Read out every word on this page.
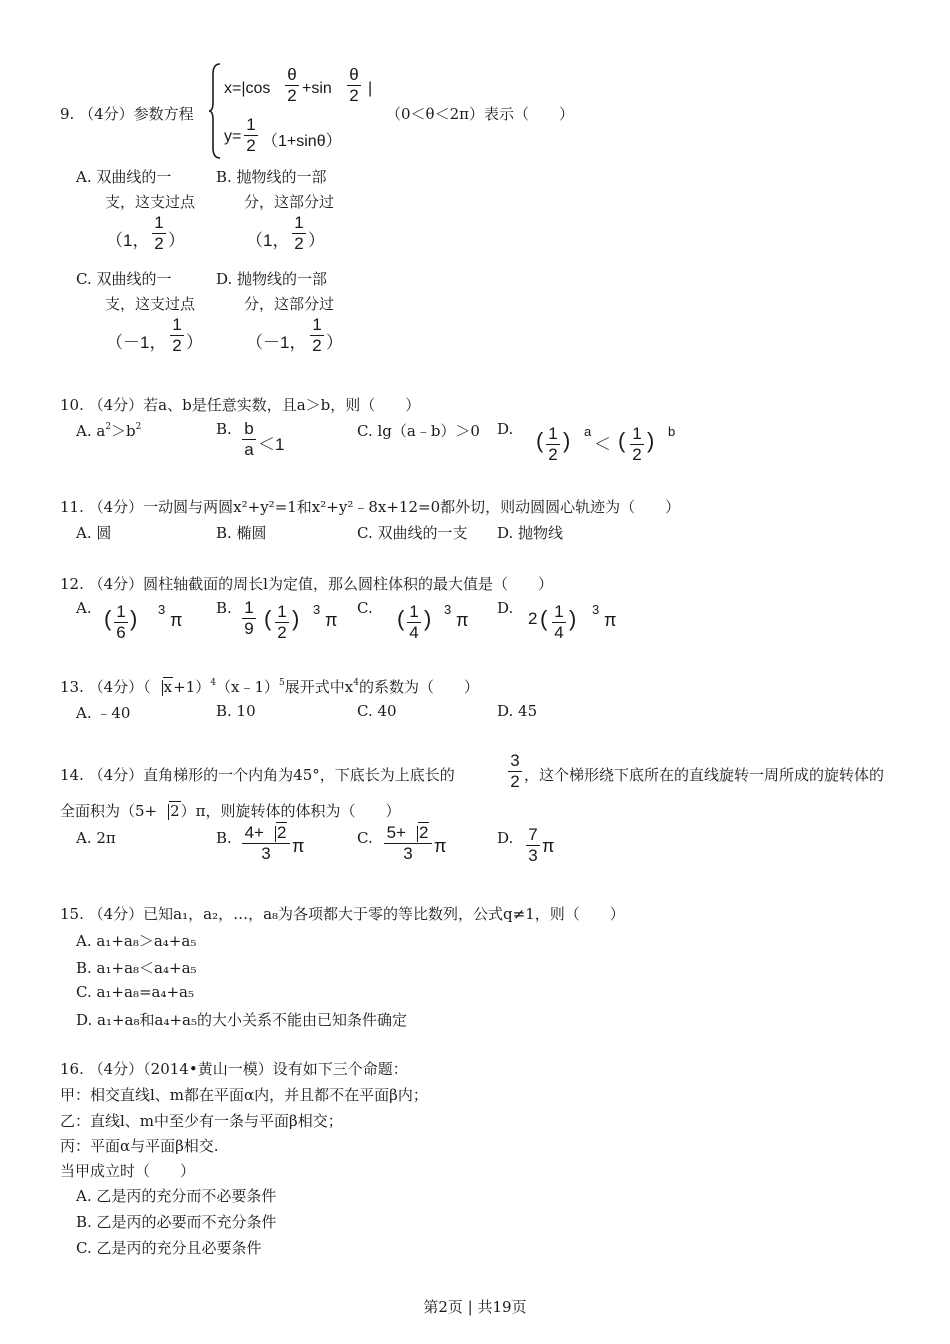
9. （4分）参数方程
x=|cos
θ
2 +sin
θ
2 |
y=
1
2 （1+sinθ）
（0＜θ＜2π）表示（　　）
A. 双曲线的一
支，这支过点
B. 抛物线的一部
分，这部分过
（1，
1
2 ）	（1，
1
2 ）
C. 双曲线的一
支，这支过点
D. 抛物线的一部
分，这部分过
（－1，
1
2 ）	（－1，
1
2 ）
10. （4分）若a、b是任意实数，且a＞b，则（　　）
A. $a^2>b^2$	B. b
a ＜1
C. lg（a﹣b）＞0 D. ( 1
2
) a
＜ ( 1
2
) b
11. （4分）一动圆与两圆x²+y²=1和x²+y²﹣8x+12=0都外切，则动圆圆心轨迹为（　　）
A. 圆	B. 椭圆	C. 双曲线的一支 D. 抛物线
12. （4分）圆柱轴截面的周长l为定值，那么圆柱体积的最大值是（　　）
A. ( 1
6
) 3
π
B. 1
9 ( 1
2
) 3
π
C. ( 1
4
) 3
π
D.
2 ( 1
4
) 3
π
13. （4分）（ x+1）$^4$（x﹣1）$^5$展开式中$x^4$的系数为（　　）
A. ﹣40	B. 10	C. 40	D. 45
14. （4分）直角梯形的一个内角为45°，下底长为上底长的
3
2 ，这个梯形绕下底所在的直线旋转一周所成的旋转体的
全面积为（5+ 2）π，则旋转体的体积为（　　）
A. 2π	B. 4+ 2
3	π	C. 5+ 2
3	π	D. 7
3 π
15. （4分）已知a₁，a₂，…，a₈为各项都大于零的等比数列，公式q≠1，则（　　）
A. a₁+a₈＞a₄+a₅
B. a₁+a₈＜a₄+a₅
C. a₁+a₈=a₄+a₅
D. a₁+a₈和a₄+a₅的大小关系不能由已知条件确定
16. （4分）（2014•黄山一模）设有如下三个命题：
甲：相交直线l、m都在平面α内，并且都不在平面β内；
乙：直线l、m中至少有一条与平面β相交；
丙：平面α与平面β相交.
当甲成立时（　　）
A. 乙是丙的充分而不必要条件
B. 乙是丙的必要而不充分条件
C. 乙是丙的充分且必要条件
第2页 | 共19页
